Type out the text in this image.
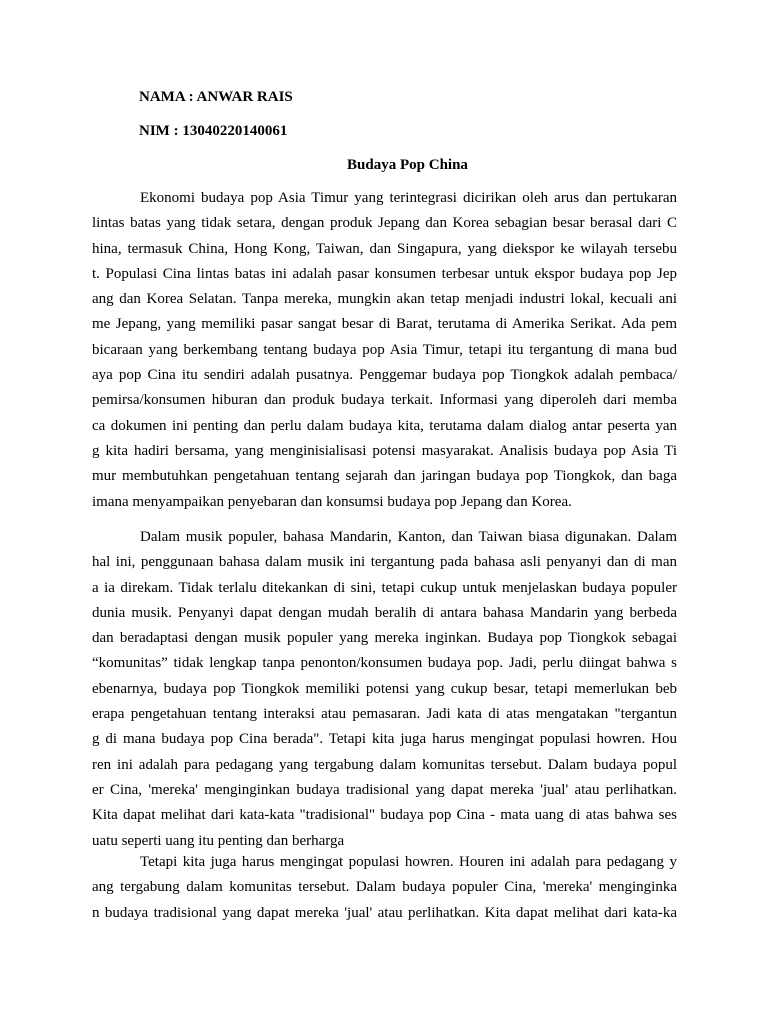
NAMA : ANWAR RAIS
NIM : 13040220140061
Budaya Pop China
Ekonomi budaya pop Asia Timur yang terintegrasi dicirikan oleh arus dan pertukaran
lintas batas yang tidak setara, dengan produk Jepang dan Korea sebagian besar berasal dari C
hina, termasuk China, Hong Kong, Taiwan, dan Singapura, yang diekspor ke wilayah tersebu
t. Populasi Cina lintas batas ini adalah pasar konsumen terbesar untuk ekspor budaya pop Jep
ang dan Korea Selatan. Tanpa mereka, mungkin akan tetap menjadi industri lokal, kecuali ani
me Jepang, yang memiliki pasar sangat besar di Barat, terutama di Amerika Serikat. Ada pem
bicaraan yang berkembang tentang budaya pop Asia Timur, tetapi itu tergantung di mana bud
aya pop Cina itu sendiri adalah pusatnya. Penggemar budaya pop Tiongkok adalah pembaca/
pemirsa/konsumen hiburan dan produk budaya terkait. Informasi yang diperoleh dari memba
ca dokumen ini penting dan perlu dalam budaya kita, terutama dalam dialog antar peserta yan
g kita hadiri bersama, yang menginisialisasi potensi masyarakat. Analisis budaya pop Asia Ti
mur membutuhkan pengetahuan tentang sejarah dan jaringan budaya pop Tiongkok, dan baga
imana menyampaikan penyebaran dan konsumsi budaya pop Jepang dan Korea.
Dalam musik populer, bahasa Mandarin, Kanton, dan Taiwan biasa digunakan. Dalam
hal ini, penggunaan bahasa dalam musik ini tergantung pada bahasa asli penyanyi dan di man
a ia direkam. Tidak terlalu ditekankan di sini, tetapi cukup untuk menjelaskan budaya populer
dunia musik. Penyanyi dapat dengan mudah beralih di antara bahasa Mandarin yang berbeda
dan beradaptasi dengan musik populer yang mereka inginkan. Budaya pop Tiongkok sebagai
“komunitas” tidak lengkap tanpa penonton/konsumen budaya pop. Jadi, perlu diingat bahwa s
ebenarnya, budaya pop Tiongkok memiliki potensi yang cukup besar, tetapi memerlukan beb
erapa pengetahuan tentang interaksi atau pemasaran. Jadi kata di atas mengatakan "tergantun
g di mana budaya pop Cina berada". Tetapi kita juga harus mengingat populasi howren. Hou
ren ini adalah para pedagang yang tergabung dalam komunitas tersebut. Dalam budaya popul
er Cina, 'mereka' menginginkan budaya tradisional yang dapat mereka 'jual' atau perlihatkan.
Kita dapat melihat dari kata-kata "tradisional" budaya pop Cina - mata uang di atas bahwa ses
uatu seperti uang itu penting dan berharga
Tetapi kita juga harus mengingat populasi howren. Houren ini adalah para pedagang y
ang tergabung dalam komunitas tersebut. Dalam budaya populer Cina, 'mereka' menginginka
n budaya tradisional yang dapat mereka 'jual' atau perlihatkan. Kita dapat melihat dari kata-ka
